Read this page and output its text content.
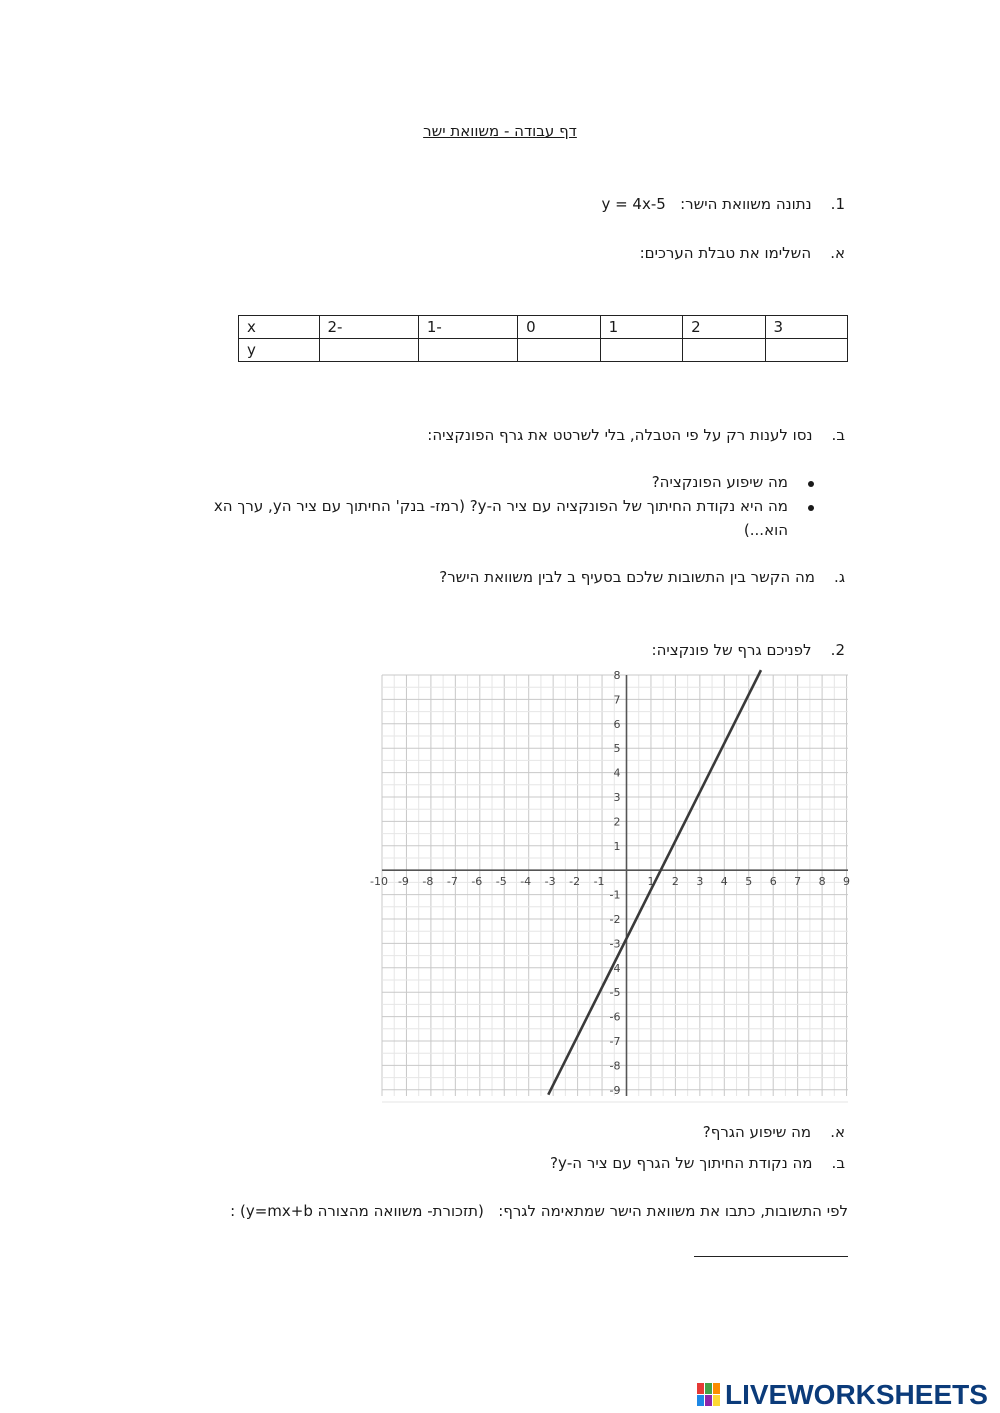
דף עבודה - משוואת ישר
1.    נתונה משוואת הישר:   y = 4x-5
א.    השלימו את טבלת הערכים:
3	2	1	0	-1	-2	x
						y
ב.    נסו לענות רק על פי הטבלה, בלי לשרטט את גרף הפונקציה:
מה שיפוע הפונקציה?
מה היא נקודת החיתוך של הפונקציה עם ציר ה-y? (רמז- בנק' החיתוך עם ציר הy, ערך הx
הוא...)
ג.    מה הקשר בין התשובות שלכם בסעיף ב לבין משוואת הישר?
2.    לפניכם גרף של פונקציה:
-10 -9 -8 -7 -6 -5 -4 -3 -2 -1	1 2 3 4 5 6 7 8 9
8
7
6
5
4
3
2
1
-1
-2
-3
-4
-5
-6
-7
-8
-9
א.    מה שיפוע הגרף?
ב.    מה נקודת החיתוך של הגרף עם ציר ה-y?
לפי התשובות, כתבו את משוואת הישר שמתאימה לגרף:   (תזכורת- משוואה מהצורה y=mx+b) :
LIVEWORKSHEETS
